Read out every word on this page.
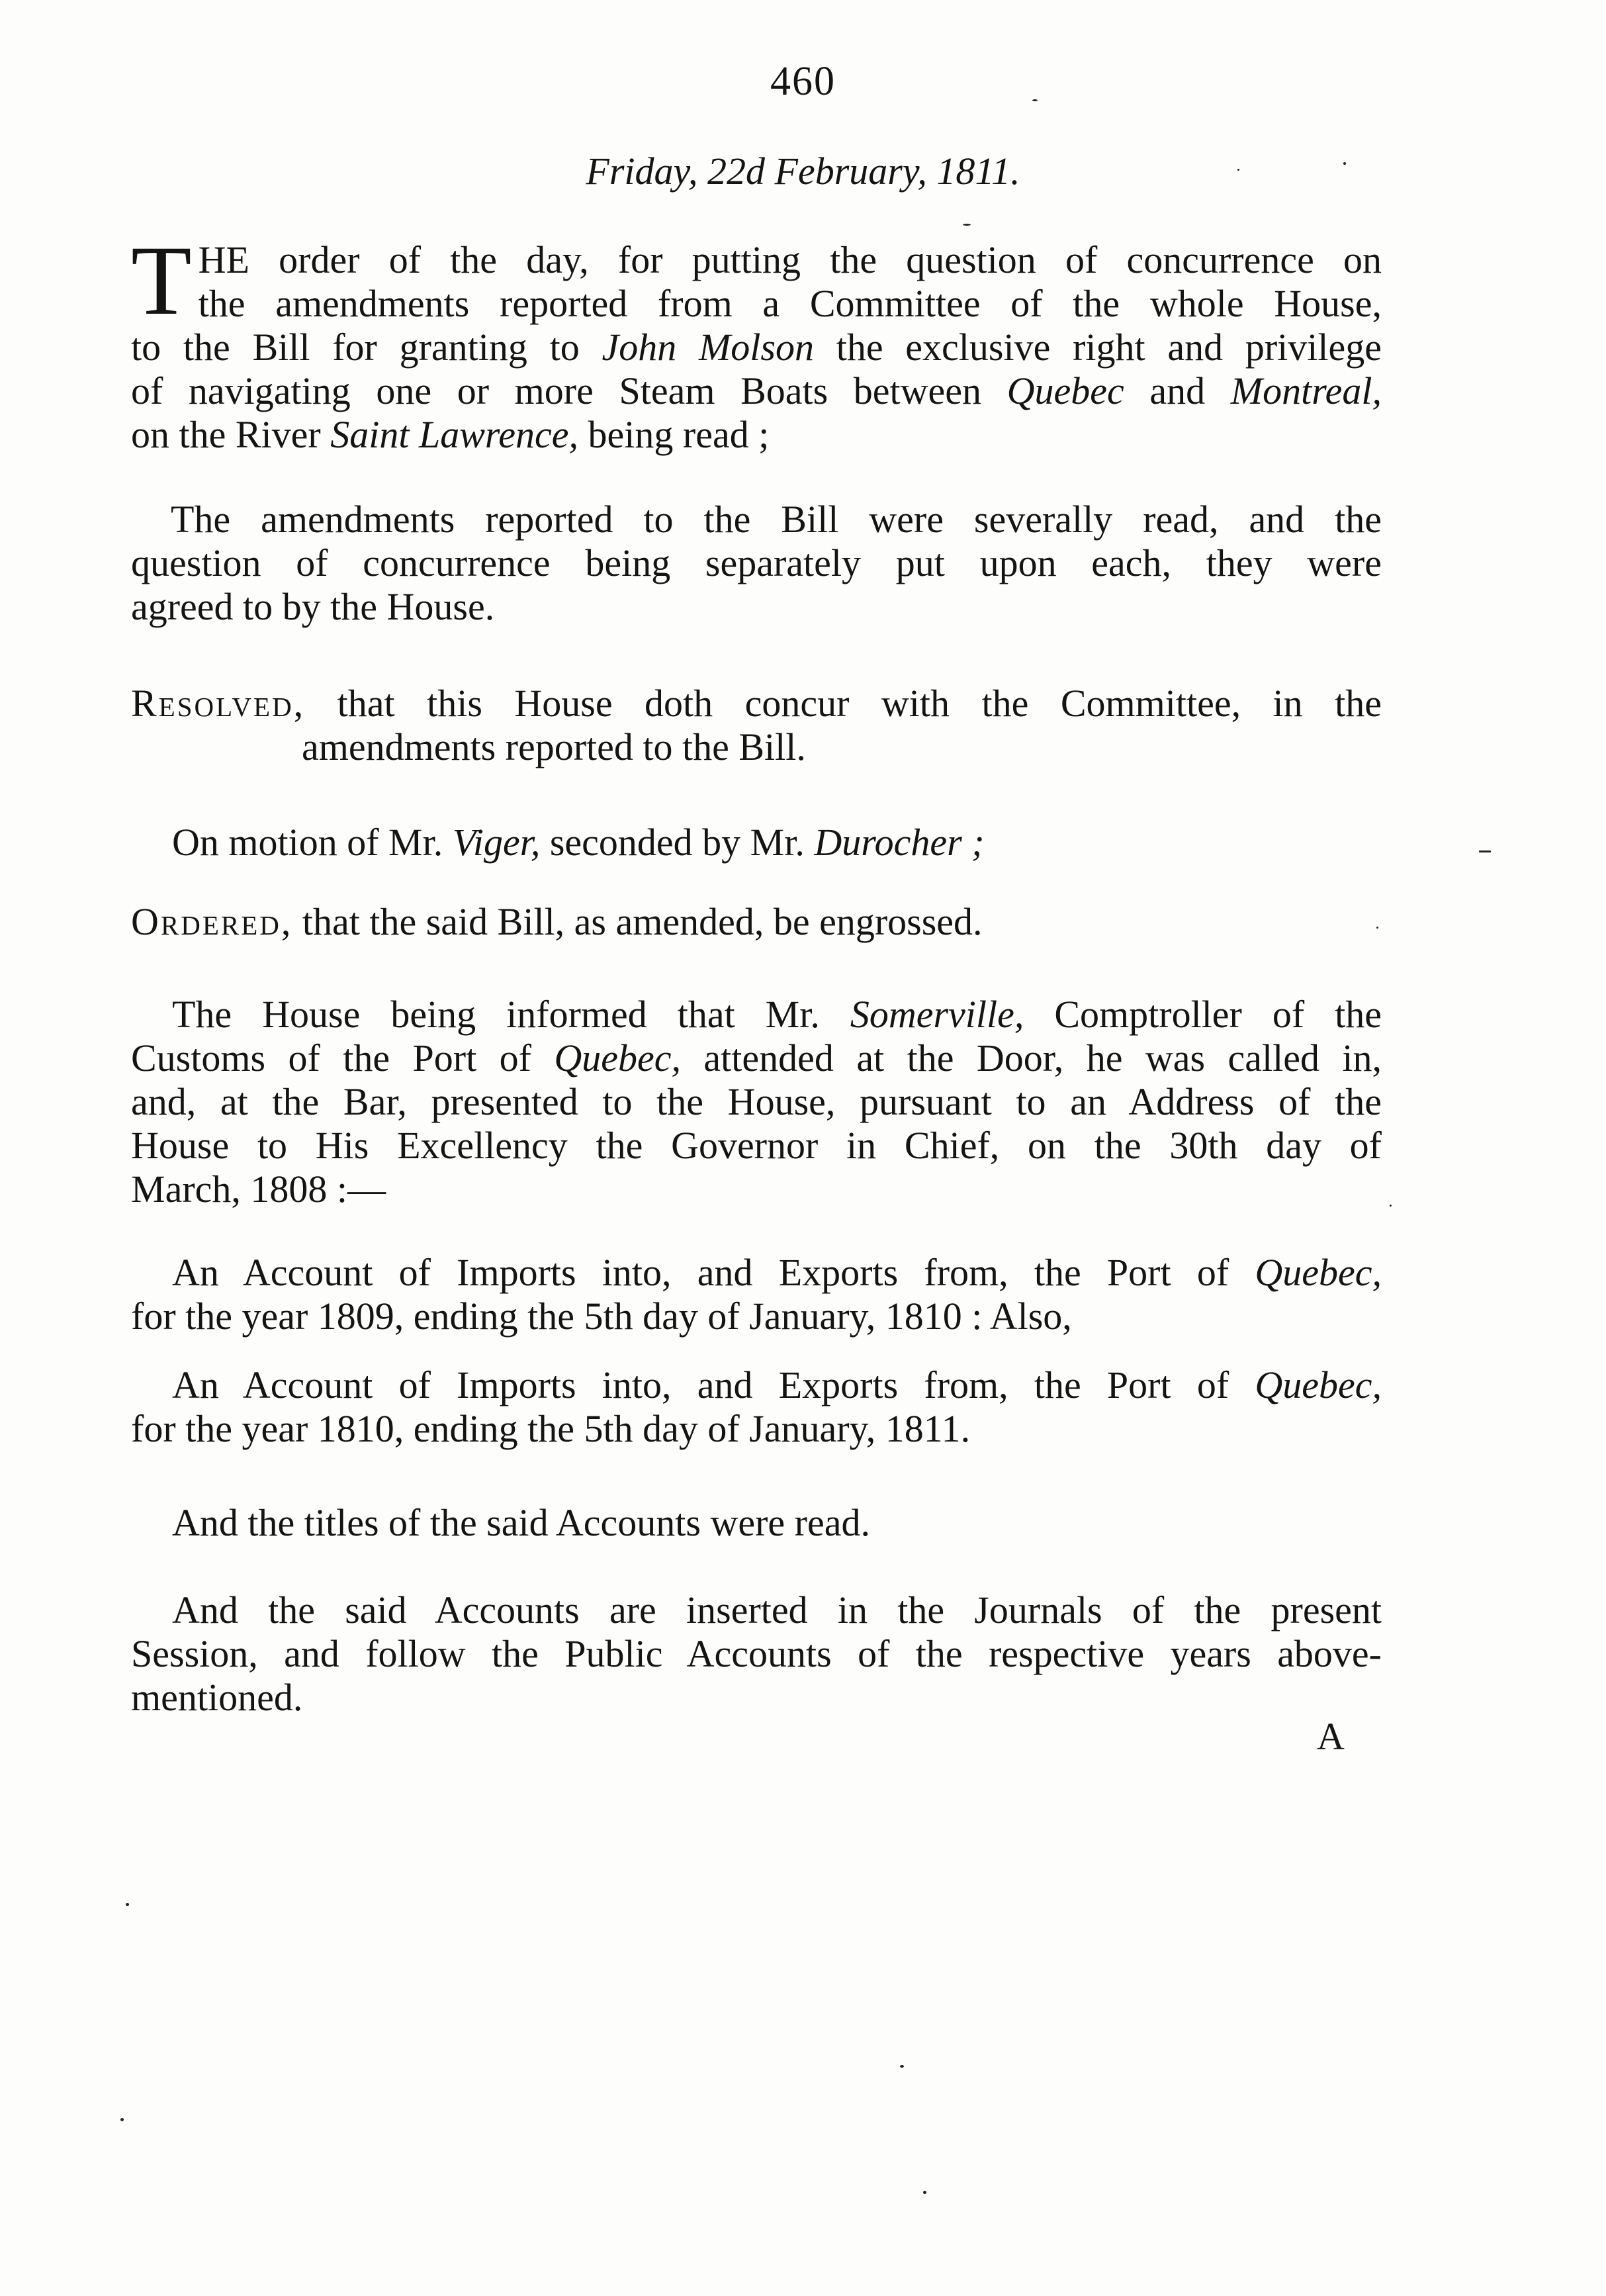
460
Friday, 22d February, 1811.
T HE order of the day, for putting the question of concurrence on
the amendments reported from a Committee of the whole House,
to the Bill for granting to John Molson the exclusive right and privilege
of navigating one or more Steam Boats between Quebec and Montreal,
on the River Saint Lawrence, being read ;
The amendments reported to the Bill were severally read, and the
question of concurrence being separately put upon each, they were
agreed to by the House.
Resolved, that this House doth concur with the Committee, in the
amendments reported to the Bill.
On motion of Mr. Viger, seconded by Mr. Durocher ;
Ordered, that the said Bill, as amended, be engrossed.
The House being informed that Mr. Somerville, Comptroller of the
Customs of the Port of Quebec, attended at the Door, he was called in,
and, at the Bar, presented to the House, pursuant to an Address of the
House to His Excellency the Governor in Chief, on the 30th day of
March, 1808 :—
An Account of Imports into, and Exports from, the Port of Quebec,
for the year 1809, ending the 5th day of January, 1810 : Also,
An Account of Imports into, and Exports from, the Port of Quebec,
for the year 1810, ending the 5th day of January, 1811.
And the titles of the said Accounts were read.
And the said Accounts are inserted in the Journals of the present
Session, and follow the Public Accounts of the respective years above-
mentioned.
A
